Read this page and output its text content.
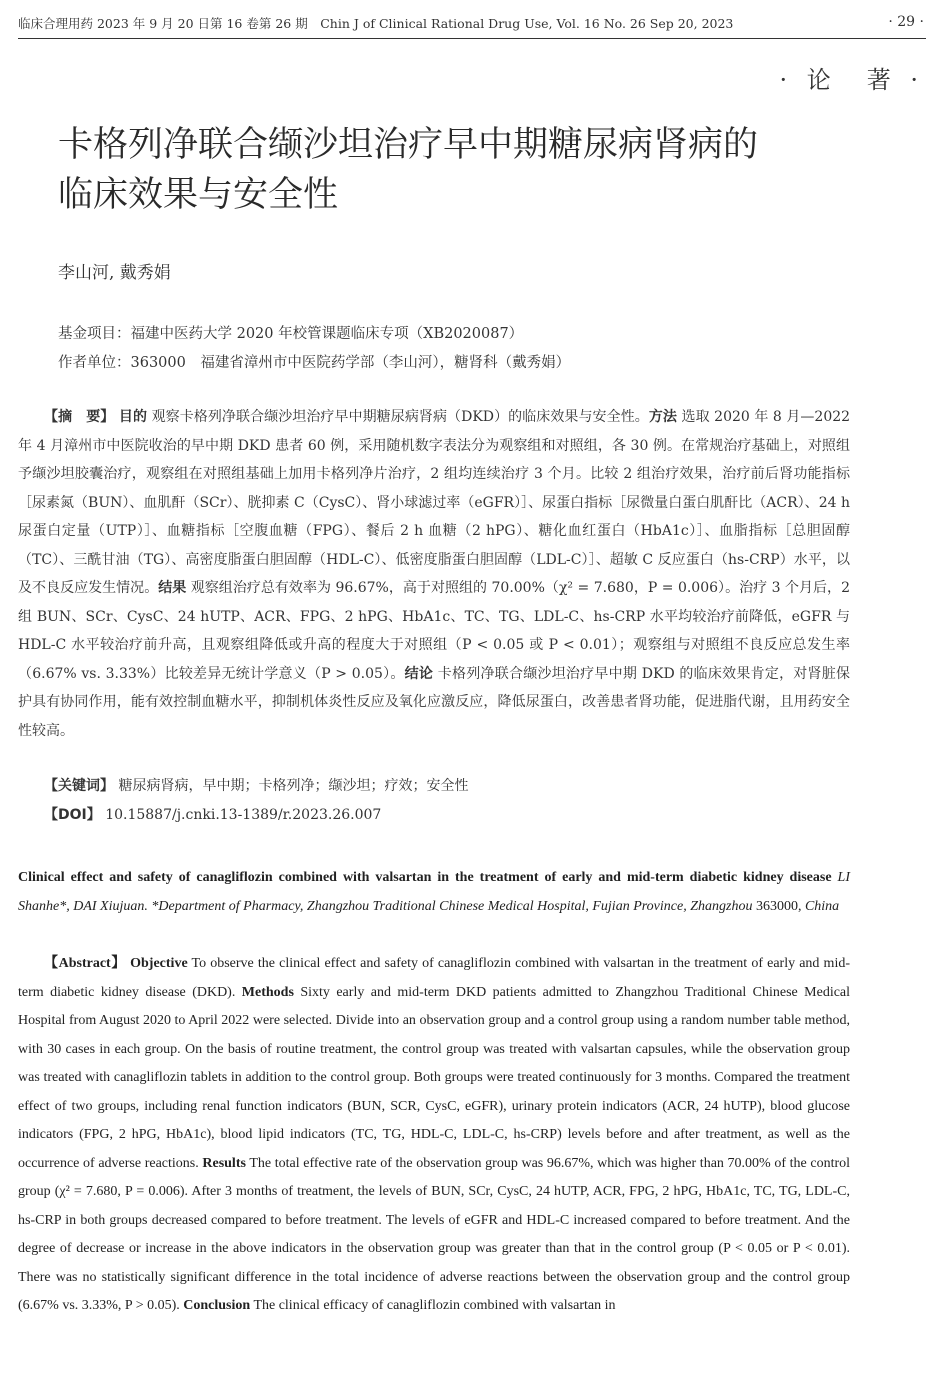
临床合理用药 2023 年 9 月 20 日第 16 卷第 26 期　Chin J of Clinical Rational Drug Use, Vol. 16 No. 26 Sep 20, 2023	· 29 ·
· 论　著 ·
卡格列净联合缬沙坦治疗早中期糖尿病肾病的
临床效果与安全性
李山河, 戴秀娟
基金项目：福建中医药大学 2020 年校管课题临床专项（XB2020087）
作者单位：363000　福建省漳州市中医院药学部（李山河），糖肾科（戴秀娟）
【摘　要】 目的 观察卡格列净联合缬沙坦治疗早中期糖尿病肾病（DKD）的临床效果与安全性。方法 选取 2020 年 8 月—2022 年 4 月漳州市中医院收治的早中期 DKD 患者 60 例，采用随机数字表法分为观察组和对照组，各 30 例。在常规治疗基础上，对照组予缬沙坦胶囊治疗，观察组在对照组基础上加用卡格列净片治疗，2 组均连续治疗 3 个月。比较 2 组治疗效果，治疗前后肾功能指标［尿素氮（BUN）、血肌酐（SCr）、胱抑素 C（CysC）、肾小球滤过率（eGFR）］、尿蛋白指标［尿微量白蛋白肌酐比（ACR）、24 h 尿蛋白定量（UTP）］、血糖指标［空腹血糖（FPG）、餐后 2 h 血糖（2 hPG）、糖化血红蛋白（HbA1c）］、血脂指标［总胆固醇（TC）、三酰甘油（TG）、高密度脂蛋白胆固醇（HDL-C）、低密度脂蛋白胆固醇（LDL-C）］、超敏 C 反应蛋白（hs-CRP）水平，以及不良反应发生情况。结果 观察组治疗总有效率为 96.67%，高于对照组的 70.00%（χ² = 7.680，P = 0.006）。治疗 3 个月后，2 组 BUN、SCr、CysC、24 hUTP、ACR、FPG、2 hPG、HbA1c、TC、TG、LDL-C、hs-CRP 水平均较治疗前降低，eGFR 与 HDL-C 水平较治疗前升高，且观察组降低或升高的程度大于对照组（P < 0.05 或 P < 0.01）；观察组与对照组不良反应总发生率（6.67% vs. 3.33%）比较差异无统计学意义（P > 0.05）。结论 卡格列净联合缬沙坦治疗早中期 DKD 的临床效果肯定，对肾脏保护具有协同作用，能有效控制血糖水平，抑制机体炎性反应及氧化应激反应，降低尿蛋白，改善患者肾功能，促进脂代谢，且用药安全性较高。
【关键词】 糖尿病肾病，早中期；卡格列净；缬沙坦；疗效；安全性
【DOI】 10.15887/j.cnki.13-1389/r.2023.26.007
Clinical effect and safety of canagliflozin combined with valsartan in the treatment of early and mid-term diabetic kidney disease LI Shanhe*, DAI Xiujuan. *Department of Pharmacy, Zhangzhou Traditional Chinese Medical Hospital, Fujian Province, Zhangzhou 363000, China
【Abstract】 Objective To observe the clinical effect and safety of canagliflozin combined with valsartan in the treatment of early and mid-term diabetic kidney disease (DKD). Methods Sixty early and mid-term DKD patients admitted to Zhangzhou Traditional Chinese Medical Hospital from August 2020 to April 2022 were selected. Divide into an observation group and a control group using a random number table method, with 30 cases in each group. On the basis of routine treatment, the control group was treated with valsartan capsules, while the observation group was treated with canagliflozin tablets in addition to the control group. Both groups were treated continuously for 3 months. Compared the treatment effect of two groups, including renal function indicators (BUN, SCR, CysC, eGFR), urinary protein indicators (ACR, 24 hUTP), blood glucose indicators (FPG, 2 hPG, HbA1c), blood lipid indicators (TC, TG, HDL-C, LDL-C, hs-CRP) levels before and after treatment, as well as the occurrence of adverse reactions. Results The total effective rate of the observation group was 96.67%, which was higher than 70.00% of the control group (χ² = 7.680, P = 0.006). After 3 months of treatment, the levels of BUN, SCr, CysC, 24 hUTP, ACR, FPG, 2 hPG, HbA1c, TC, TG, LDL-C, hs-CRP in both groups decreased compared to before treatment. The levels of eGFR and HDL-C increased compared to before treatment. And the degree of decrease or increase in the above indicators in the observation group was greater than that in the control group (P < 0.05 or P < 0.01). There was no statistically significant difference in the total incidence of adverse reactions between the observation group and the control group (6.67% vs. 3.33%, P > 0.05). Conclusion The clinical efficacy of canagliflozin combined with valsartan in
